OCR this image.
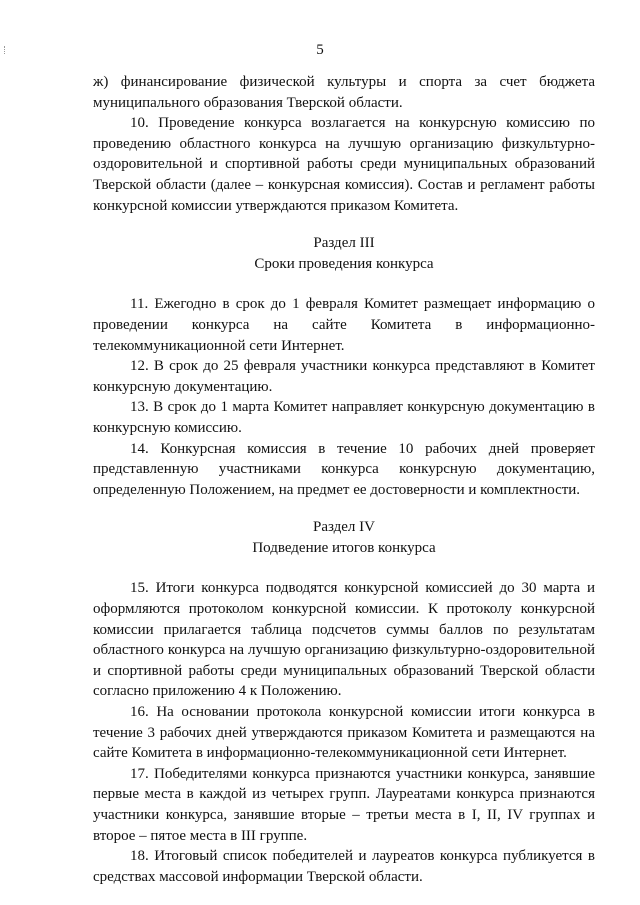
5

ж) финансирование физической культуры и спорта за счет бюджета муниципального образования Тверской области.

10. Проведение конкурса возлагается на конкурсную комиссию по проведению областного конкурса на лучшую организацию физкультурно-оздоровительной и спортивной работы среди муниципальных образований Тверской области (далее – конкурсная комиссия). Состав и регламент работы конкурсной комиссии утверждаются приказом Комитета.

Раздел III

Сроки проведения конкурса

11. Ежегодно в срок до 1 февраля Комитет размещает информацию о проведении конкурса на сайте Комитета в информационно-телекоммуникационной сети Интернет.

12. В срок до 25 февраля участники конкурса представляют в Комитет конкурсную документацию.

13. В срок до 1 марта Комитет направляет конкурсную документацию в конкурсную комиссию.

14. Конкурсная комиссия в течение 10 рабочих дней проверяет представленную участниками конкурса конкурсную документацию, определенную Положением, на предмет ее достоверности и комплектности.

Раздел IV

Подведение итогов конкурса

15. Итоги конкурса подводятся конкурсной комиссией до 30 марта и оформляются протоколом конкурсной комиссии. К протоколу конкурсной комиссии прилагается таблица подсчетов суммы баллов по результатам областного конкурса на лучшую организацию физкультурно-оздоровительной и спортивной работы среди муниципальных образований Тверской области согласно приложению 4 к Положению.

16. На основании протокола конкурсной комиссии итоги конкурса в течение 3 рабочих дней утверждаются приказом Комитета и размещаются на сайте Комитета в информационно-телекоммуникационной сети Интернет.

17. Победителями конкурса признаются участники конкурса, занявшие первые места в каждой из четырех групп. Лауреатами конкурса признаются участники конкурса, занявшие вторые – третьи места в I, II, IV группах и второе – пятое места в III группе.

18. Итоговый список победителей и лауреатов конкурса публикуется в средствах массовой информации Тверской области.
